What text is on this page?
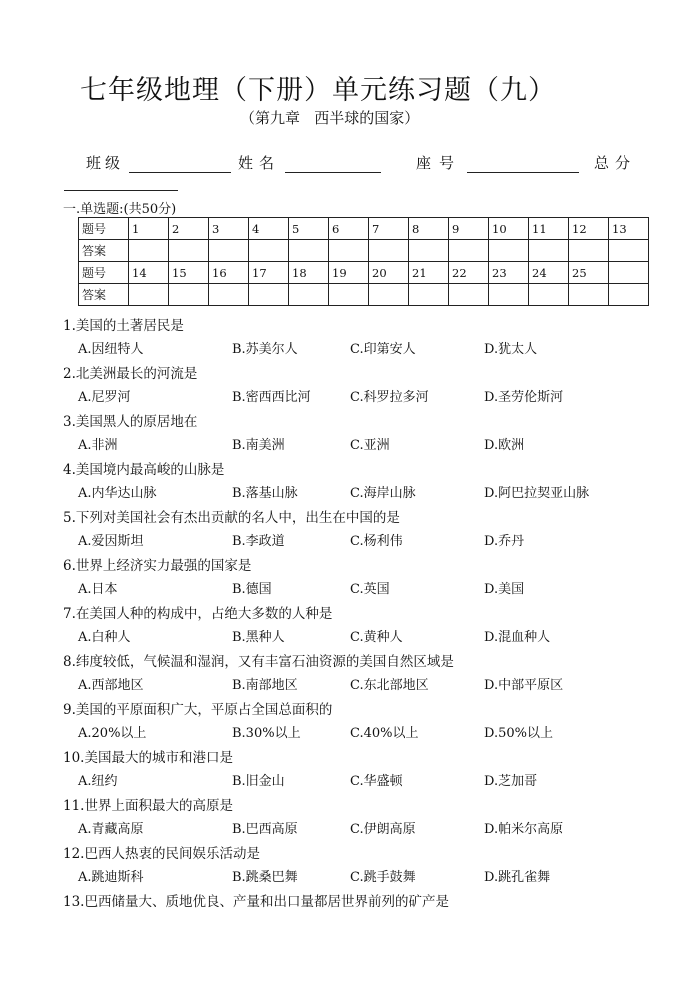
七年级地理（下册）单元练习题（九）
（第九章   西半球的国家）
班级	姓名	座号	总分
一.单选题:(共50分)
题号	1	2	3	4	5	6	7	8	9	10	11	12	13
答案													
题号	14	15	16	17	18	19	20	21	22	23	24	25	
答案													
1.美国的土著居民是
A.因纽特人	B.苏美尔人	C.印第安人	D.犹太人
2.北美洲最长的河流是
A.尼罗河	B.密西西比河	C.科罗拉多河	D.圣劳伦斯河
3.美国黑人的原居地在
A.非洲	B.南美洲	C.亚洲	D.欧洲
4.美国境内最高峻的山脉是
A.内华达山脉	B.落基山脉	C.海岸山脉	D.阿巴拉契亚山脉
5.下列对美国社会有杰出贡献的名人中，出生在中国的是
A.爱因斯坦	B.李政道	C.杨利伟	D.乔丹
6.世界上经济实力最强的国家是
A.日本	B.德国	C.英国	D.美国
7.在美国人种的构成中，占绝大多数的人种是
A.白种人	B.黑种人	C.黄种人	D.混血种人
8.纬度较低，气候温和湿润，又有丰富石油资源的美国自然区域是
A.西部地区	B.南部地区	C.东北部地区	D.中部平原区
9.美国的平原面积广大，平原占全国总面积的
A.20%以上	B.30%以上	C.40%以上	D.50%以上
10.美国最大的城市和港口是
A.纽约	B.旧金山	C.华盛顿	D.芝加哥
11.世界上面积最大的高原是
A.青藏高原	B.巴西高原	C.伊朗高原	D.帕米尔高原
12.巴西人热衷的民间娱乐活动是
A.跳迪斯科	B.跳桑巴舞	C.跳手鼓舞	D.跳孔雀舞
13.巴西储量大、质地优良、产量和出口量都居世界前列的矿产是
